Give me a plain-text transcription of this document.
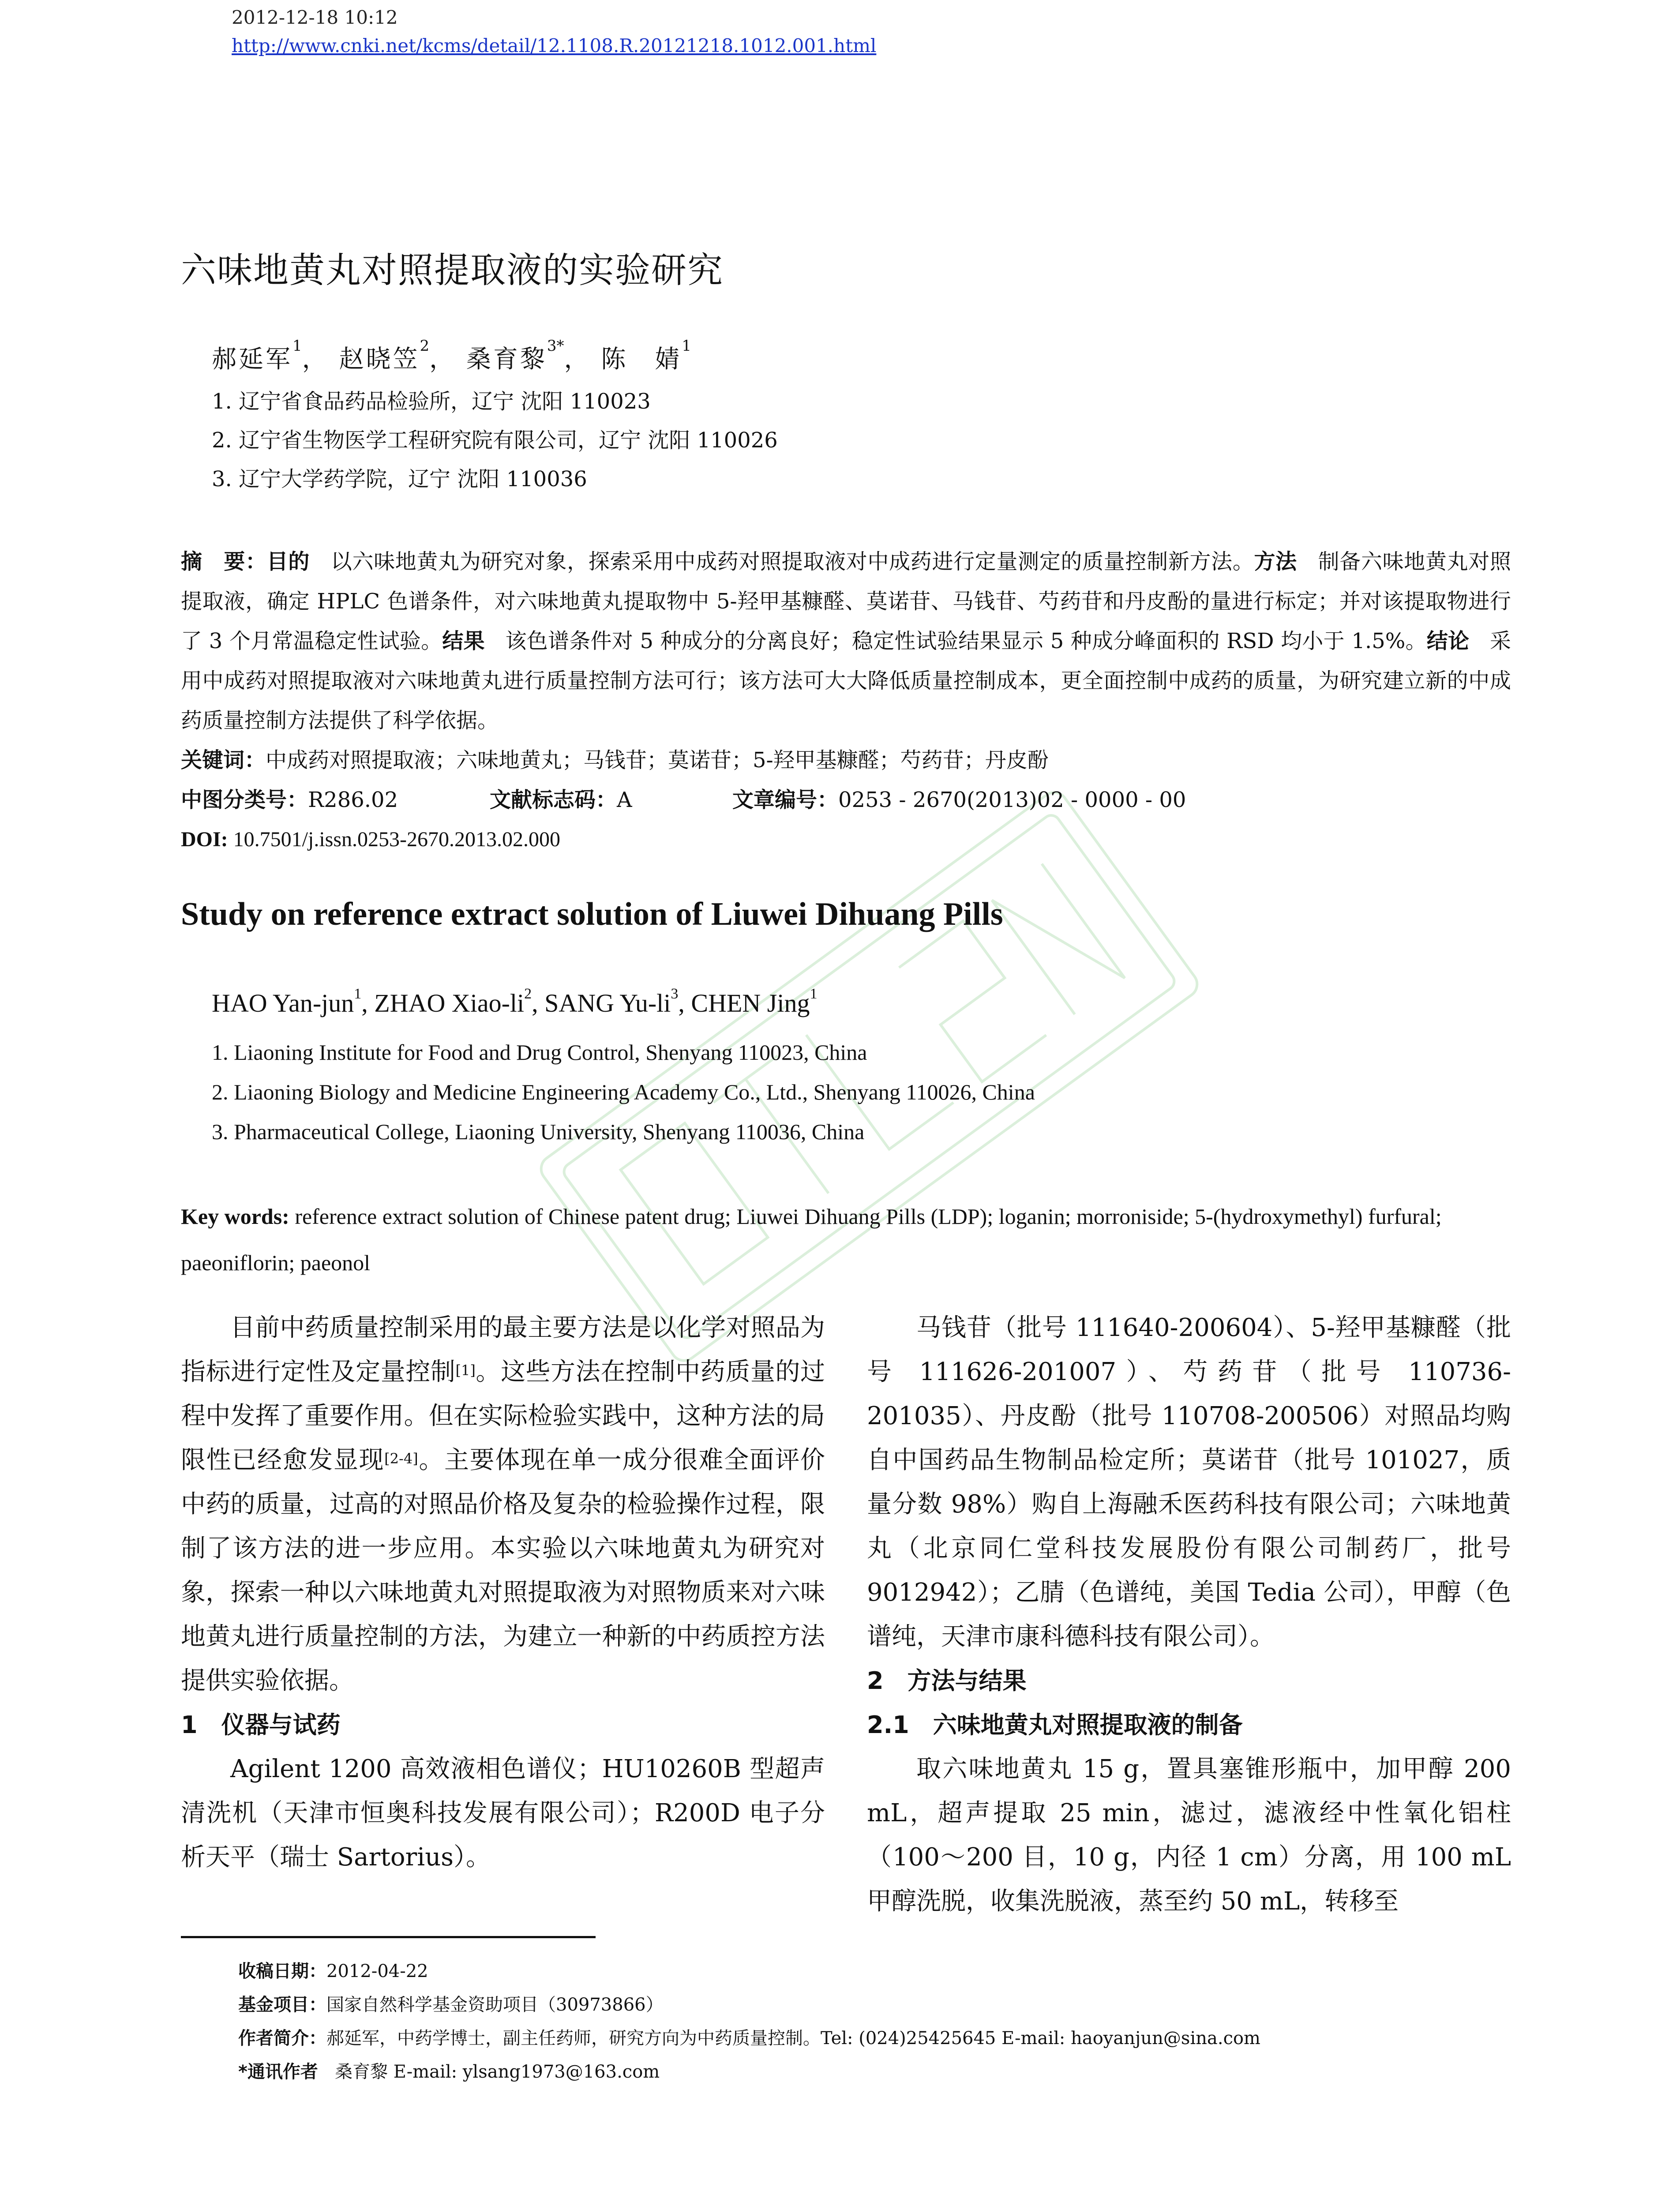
2012-12-18 10:12
http://www.cnki.net/kcms/detail/12.1108.R.20121218.1012.001.html
六味地黄丸对照提取液的实验研究
郝延军$^1$， 赵晓笠$^2$， 桑育黎$^{3*}$， 陈　婧$^1$
1. 辽宁省食品药品检验所，辽宁 沈阳 110023
2. 辽宁省生物医学工程研究院有限公司，辽宁 沈阳 110026
3. 辽宁大学药学院，辽宁 沈阳 110036
摘　要：目的 以六味地黄丸为研究对象，探索采用中成药对照提取液对中成药进行定量测定的质量控制新方法。方法 制备六味地黄丸对照提取液，确定 HPLC 色谱条件，对六味地黄丸提取物中 5-羟甲基糠醛、莫诺苷、马钱苷、芍药苷和丹皮酚的量进行标定；并对该提取物进行了 3 个月常温稳定性试验。结果 该色谱条件对 5 种成分的分离良好；稳定性试验结果显示 5 种成分峰面积的 RSD 均小于 1.5%。结论 采用中成药对照提取液对六味地黄丸进行质量控制方法可行；该方法可大大降低质量控制成本，更全面控制中成药的质量，为研究建立新的中成药质量控制方法提供了科学依据。
关键词：中成药对照提取液；六味地黄丸；马钱苷；莫诺苷；5-羟甲基糠醛；芍药苷；丹皮酚
中图分类号：R286.02	文献标志码：A	文章编号：0253 - 2670(2013)02 - 0000 - 00
DOI: 10.7501/j.issn.0253-2670.2013.02.000
Study on reference extract solution of Liuwei Dihuang Pills
HAO Yan-jun$^1$, ZHAO Xiao-$li^2$, SANG $Yu-li^3$, CHEN Jing$^1$
1. Liaoning Institute for Food and Drug Control, Shenyang 110023, China
2. Liaoning Biology and Medicine Engineering Academy Co., Ltd., Shenyang 110026, China
3. Pharmaceutical College, Liaoning University, Shenyang 110036, China
Key words: reference extract solution of Chinese patent drug; Liuwei Dihuang Pills (LDP); loganin; morroniside; 5-(hydroxymethyl) furfural; paeoniflorin; paeonol

目前中药质量控制采用的最主要方法是以化学对照品为指标进行定性及定量控制[1]。这些方法在控制中药质量的过程中发挥了重要作用。但在实际检验实践中，这种方法的局限性已经愈发显现[2-4]。主要体现在单一成分很难全面评价中药的质量，过高的对照品价格及复杂的检验操作过程，限制了该方法的进一步应用。本实验以六味地黄丸为研究对象，探索一种以六味地黄丸对照提取液为对照物质来对六味地黄丸进行质量控制的方法，为建立一种新的中药质控方法提供实验依据。

1　仪器与试药

Agilent 1200 高效液相色谱仪；HU10260B 型超声清洗机（天津市恒奥科技发展有限公司）；R200D 电子分析天平（瑞士 Sartorius）。

马钱苷（批号 111640-200604）、5-羟甲基糠醛（批号 111626-201007）、芍药苷（批号 110736-201035）、丹皮酚（批号 110708-200506）对照品均购自中国药品生物制品检定所；莫诺苷（批号 101027，质量分数 98%）购自上海融禾医药科技有限公司；六味地黄丸（北京同仁堂科技发展股份有限公司制药厂，批号 9012942）；乙腈（色谱纯，美国 Tedia 公司），甲醇（色谱纯，天津市康科德科技有限公司）。

2　方法与结果

2.1　六味地黄丸对照提取液的制备

取六味地黄丸 15 g，置具塞锥形瓶中，加甲醇 200 mL，超声提取 25 min，滤过，滤液经中性氧化铝柱（100～200 目，10 g，内径 1 cm）分离，用 100 mL 甲醇洗脱，收集洗脱液，蒸至约 50 mL，转移至

收稿日期：2012-04-22
基金项目：国家自然科学基金资助项目（30973866）
作者简介：郝延军，中药学博士，副主任药师，研究方向为中药质量控制。Tel: (024)25425645 E-mail: haoyanjun@sina.com
*通讯作者 桑育黎 E-mail: ylsang1973@163.com
